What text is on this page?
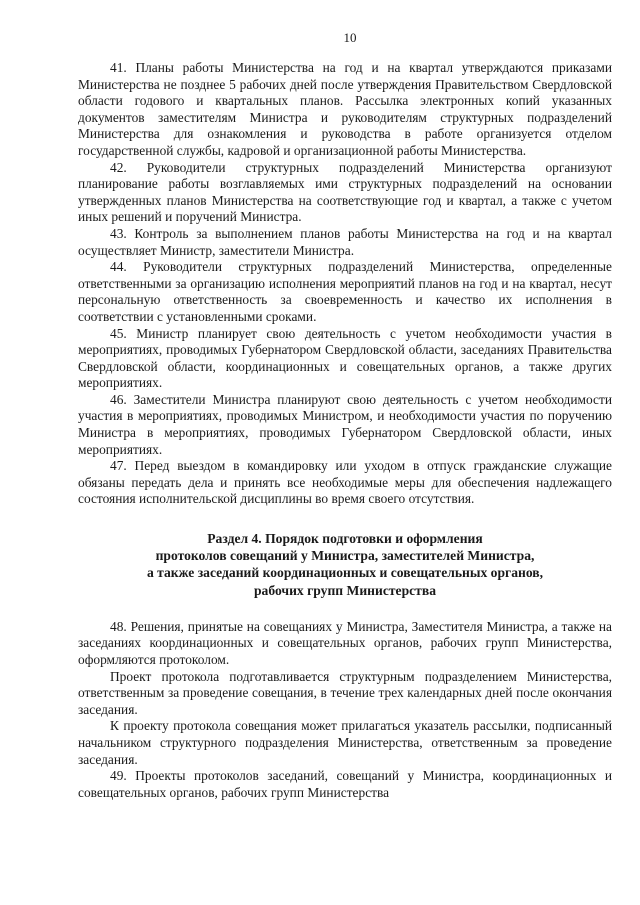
10

41. Планы работы Министерства на год и на квартал утверждаются приказами Министерства не позднее 5 рабочих дней после утверждения Правительством Свердловской области годового и квартальных планов. Рассылка электронных копий указанных документов заместителям Министра и руководителям структурных подразделений Министерства для ознакомления и руководства в работе организуется отделом государственной службы, кадровой и организационной работы Министерства.

42. Руководители структурных подразделений Министерства организуют планирование работы возглавляемых ими структурных подразделений на основании утвержденных планов Министерства на соответствующие год и квартал, а также с учетом иных решений и поручений Министра.

43. Контроль за выполнением планов работы Министерства на год и на квартал осуществляет Министр, заместители Министра.

44. Руководители структурных подразделений Министерства, определенные ответственными за организацию исполнения мероприятий планов на год и на квартал, несут персональную ответственность за своевременность и качество их исполнения в соответствии с установленными сроками.

45. Министр планирует свою деятельность с учетом необходимости участия в мероприятиях, проводимых Губернатором Свердловской области, заседаниях Правительства Свердловской области, координационных и совещательных органов, а также других мероприятиях.

46. Заместители Министра планируют свою деятельность с учетом необходимости участия в мероприятиях, проводимых Министром, и необходимости участия по поручению Министра в мероприятиях, проводимых Губернатором Свердловской области, иных мероприятиях.

47. Перед выездом в командировку или уходом в отпуск гражданские служащие обязаны передать дела и принять все необходимые меры для обеспечения надлежащего состояния исполнительской дисциплины во время своего отсутствия.

Раздел 4. Порядок подготовки и оформления
протоколов совещаний у Министра, заместителей Министра,
а также заседаний координационных и совещательных органов,
рабочих групп Министерства

48. Решения, принятые на совещаниях у Министра, Заместителя Министра, а также на заседаниях координационных и совещательных органов, рабочих групп Министерства, оформляются протоколом.

Проект протокола подготавливается структурным подразделением Министерства, ответственным за проведение совещания, в течение трех календарных дней после окончания заседания.

К проекту протокола совещания может прилагаться указатель рассылки, подписанный начальником структурного подразделения Министерства, ответственным за проведение заседания.

49. Проекты протоколов заседаний, совещаний у Министра, координационных и совещательных органов, рабочих групп Министерства
